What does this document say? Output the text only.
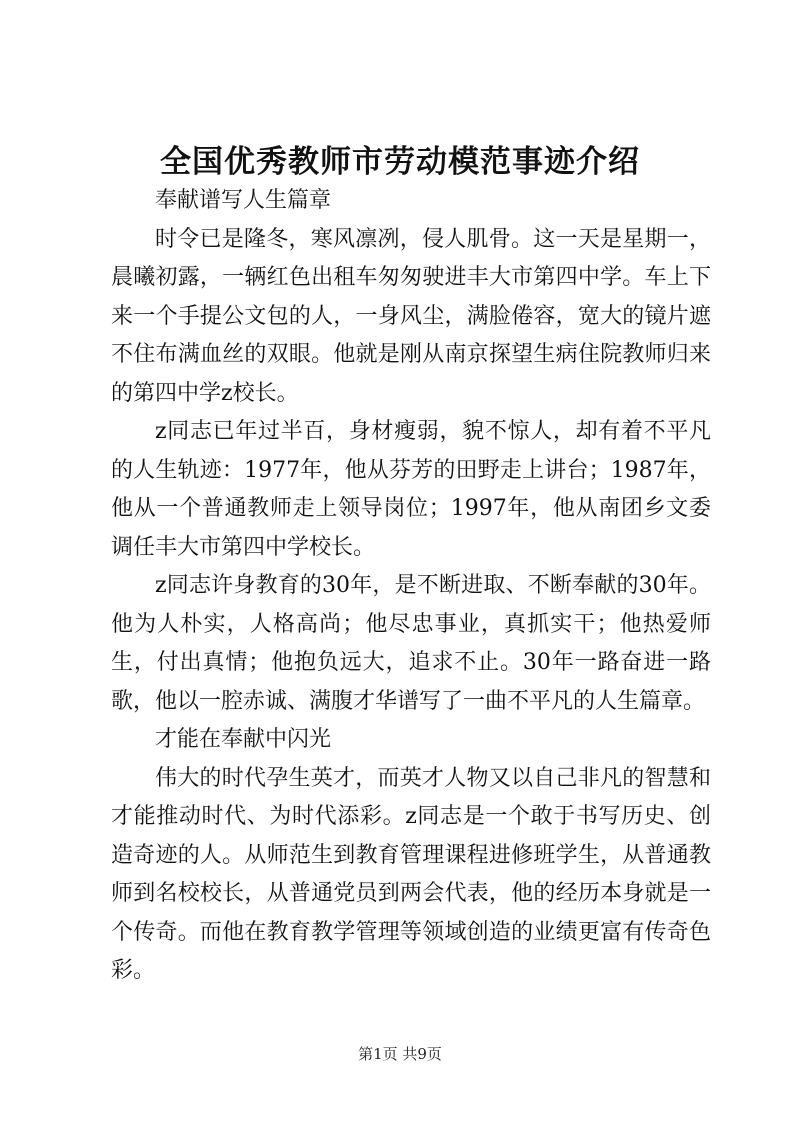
全国优秀教师市劳动模范事迹介绍

奉献谱写人生篇章

时令已是隆冬，寒风凛冽，侵人肌骨。这一天是星期一，晨曦初露，一辆红色出租车匆匆驶进丰大市第四中学。车上下来一个手提公文包的人，一身风尘，满脸倦容，宽大的镜片遮不住布满血丝的双眼。他就是刚从南京探望生病住院教师归来的第四中学z校长。

z同志已年过半百，身材瘦弱，貌不惊人，却有着不平凡的人生轨迹：1977年，他从芬芳的田野走上讲台；1987年，他从一个普通教师走上领导岗位；1997年，他从南团乡文委调任丰大市第四中学校长。

z同志许身教育的30年，是不断进取、不断奉献的30年。他为人朴实，人格高尚；他尽忠事业，真抓实干；他热爱师生，付出真情；他抱负远大，追求不止。30年一路奋进一路歌，他以一腔赤诚、满腹才华谱写了一曲不平凡的人生篇章。

才能在奉献中闪光

伟大的时代孕生英才，而英才人物又以自己非凡的智慧和才能推动时代、为时代添彩。z同志是一个敢于书写历史、创造奇迹的人。从师范生到教育管理课程进修班学生，从普通教师到名校校长，从普通党员到两会代表，他的经历本身就是一个传奇。而他在教育教学管理等领域创造的业绩更富有传奇色彩。

第1页 共9页
